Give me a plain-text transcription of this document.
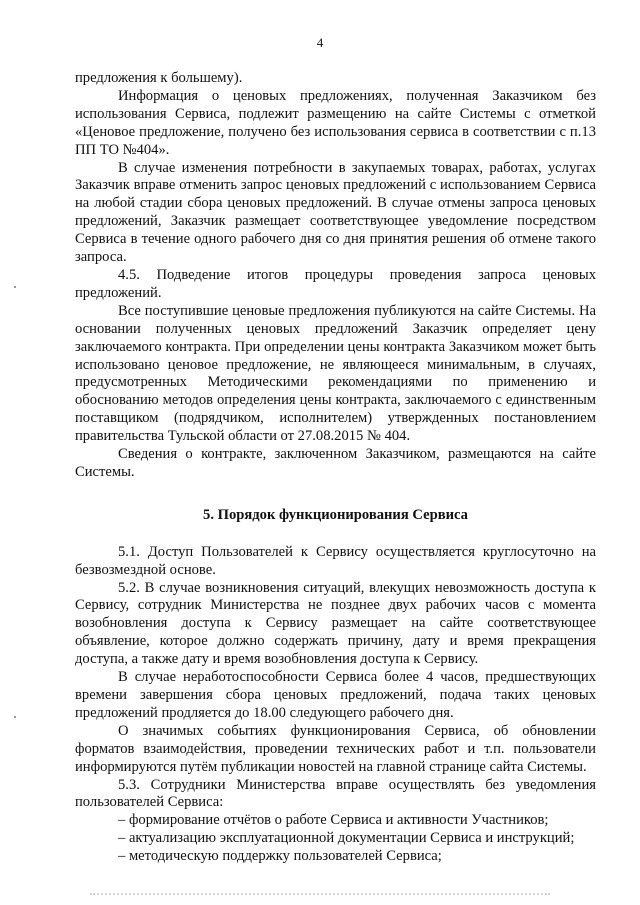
4

предложения к большему).

Информация о ценовых предложениях, полученная Заказчиком без использования Сервиса, подлежит размещению на сайте Системы с отметкой «Ценовое предложение, получено без использования сервиса в соответствии с п.13 ПП ТО №404».

В случае изменения потребности в закупаемых товарах, работах, услугах Заказчик вправе отменить запрос ценовых предложений с использованием Сервиса на любой стадии сбора ценовых предложений. В случае отмены запроса ценовых предложений, Заказчик размещает соответствующее уведомление посредством Сервиса в течение одного рабочего дня со дня принятия решения об отмене такого запроса.

4.5. Подведение итогов процедуры проведения запроса ценовых предложений.

Все поступившие ценовые предложения публикуются на сайте Системы. На основании полученных ценовых предложений Заказчик определяет цену заключаемого контракта. При определении цены контракта Заказчиком может быть использовано ценовое предложение, не являющееся минимальным, в случаях, предусмотренных Методическими рекомендациями по применению и обоснованию методов определения цены контракта, заключаемого с единственным поставщиком (подрядчиком, исполнителем) утвержденных постановлением правительства Тульской области от 27.08.2015 № 404.

Сведения о контракте, заключенном Заказчиком, размещаются на сайте Системы.

5. Порядок функционирования Сервиса

5.1. Доступ Пользователей к Сервису осуществляется круглосуточно на безвозмездной основе.

5.2. В случае возникновения ситуаций, влекущих невозможность доступа к Сервису, сотрудник Министерства не позднее двух рабочих часов с момента возобновления доступа к Сервису размещает на сайте соответствующее объявление, которое должно содержать причину, дату и время прекращения доступа, а также дату и время возобновления доступа к Сервису.

В случае неработоспособности Сервиса более 4 часов, предшествующих времени завершения сбора ценовых предложений, подача таких ценовых предложений продляется до 18.00 следующего рабочего дня.

О значимых событиях функционирования Сервиса, об обновлении форматов взаимодействия, проведении технических работ и т.п. пользователи информируются путём публикации новостей на главной странице сайта Системы.

5.3. Сотрудники Министерства вправе осуществлять без уведомления пользователей Сервиса:

– формирование отчётов о работе Сервиса и активности Участников;
– актуализацию эксплуатационной документации Сервиса и инструкций;
– методическую поддержку пользователей Сервиса;
